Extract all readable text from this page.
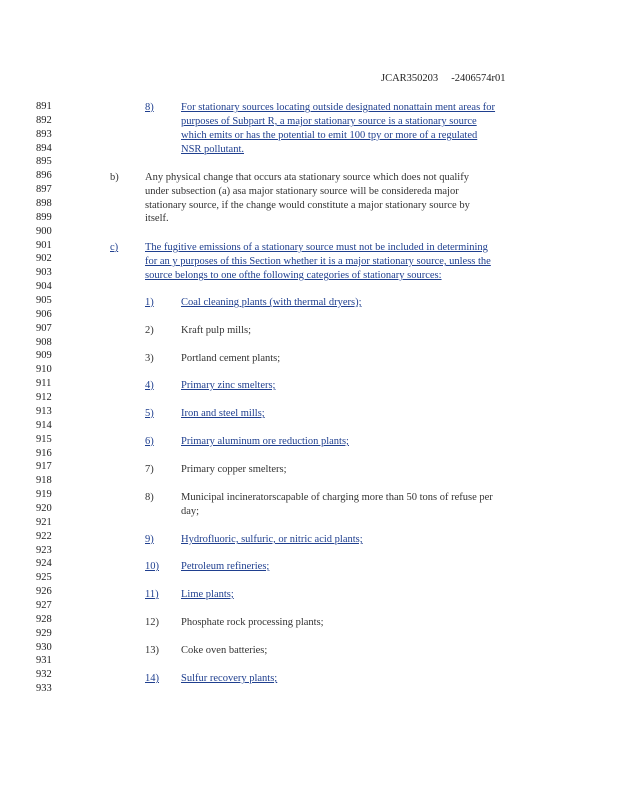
JCAR350203     -2406574r01
891
892
893
894
895
896
897
898
899
900
901
902
903
904
905
906
907
908
909
910
911
912
913
914
915
916
917
918
919
920
921
922
923
924
925
926
927
928
929
930
931
932
933
8)	For stationary sources locating outside designated nonattain ment areas for
purposes of Subpart R, a major stationary source is a stationary source
which emits or has the potential to emit 100 tpy or more of a regulated
NSR pollutant.
b)	Any physical change that occurs ata stationary source which does not qualify
under subsection (a) asa major stationary source will be considereda major
stationary source, if the change would constitute a major stationary source by
itself.
c)	The fugitive emissions of a stationary source must not be included in determining
for an y purposes of this Section whether it is a major stationary source, unless the
source belongs to one ofthe following categories of stationary sources:
1)	Coal cleaning plants (with thermal dryers);
2)	Kraft pulp mills;
3)	Portland cement plants;
4)	Primary zinc smelters;
5)	Iron and steel mills;
6)	Primary aluminum ore reduction plants;
7)	Primary copper smelters;
8)	Municipal incineratorscapable of charging more than 50 tons of refuse per
day;
9)	Hydrofluoric, sulfuric, or nitric acid plants;
10) Petroleum refineries;
11) Lime plants;
12) Phosphate rock processing plants;
13) Coke oven batteries;
14) Sulfur recovery plants;
